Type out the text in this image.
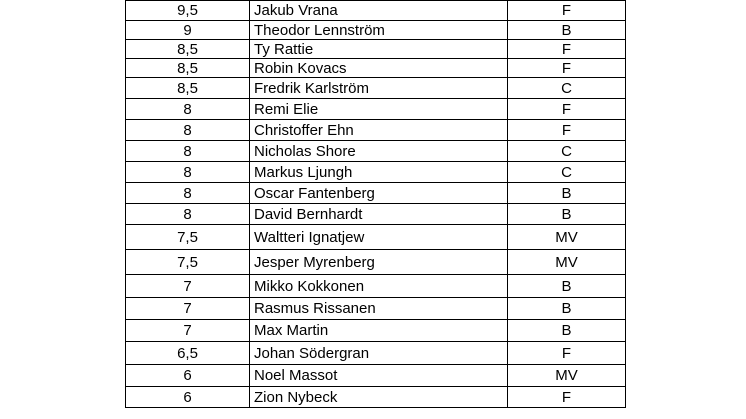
9,5	Jakub Vrana	F
9	Theodor Lennström	B
8,5	Ty Rattie	F
8,5	Robin Kovacs	F
8,5	Fredrik Karlström	C
8	Remi Elie	F
8	Christoffer Ehn	F
8	Nicholas Shore	C
8	Markus Ljungh	C
8	Oscar Fantenberg	B
8	David Bernhardt	B
7,5	Waltteri Ignatjew	MV
7,5	Jesper Myrenberg	MV
7	Mikko Kokkonen	B
7	Rasmus Rissanen	B
7	Max Martin	B
6,5	Johan Södergran	F
6	Noel Massot	MV
6	Zion Nybeck	F
